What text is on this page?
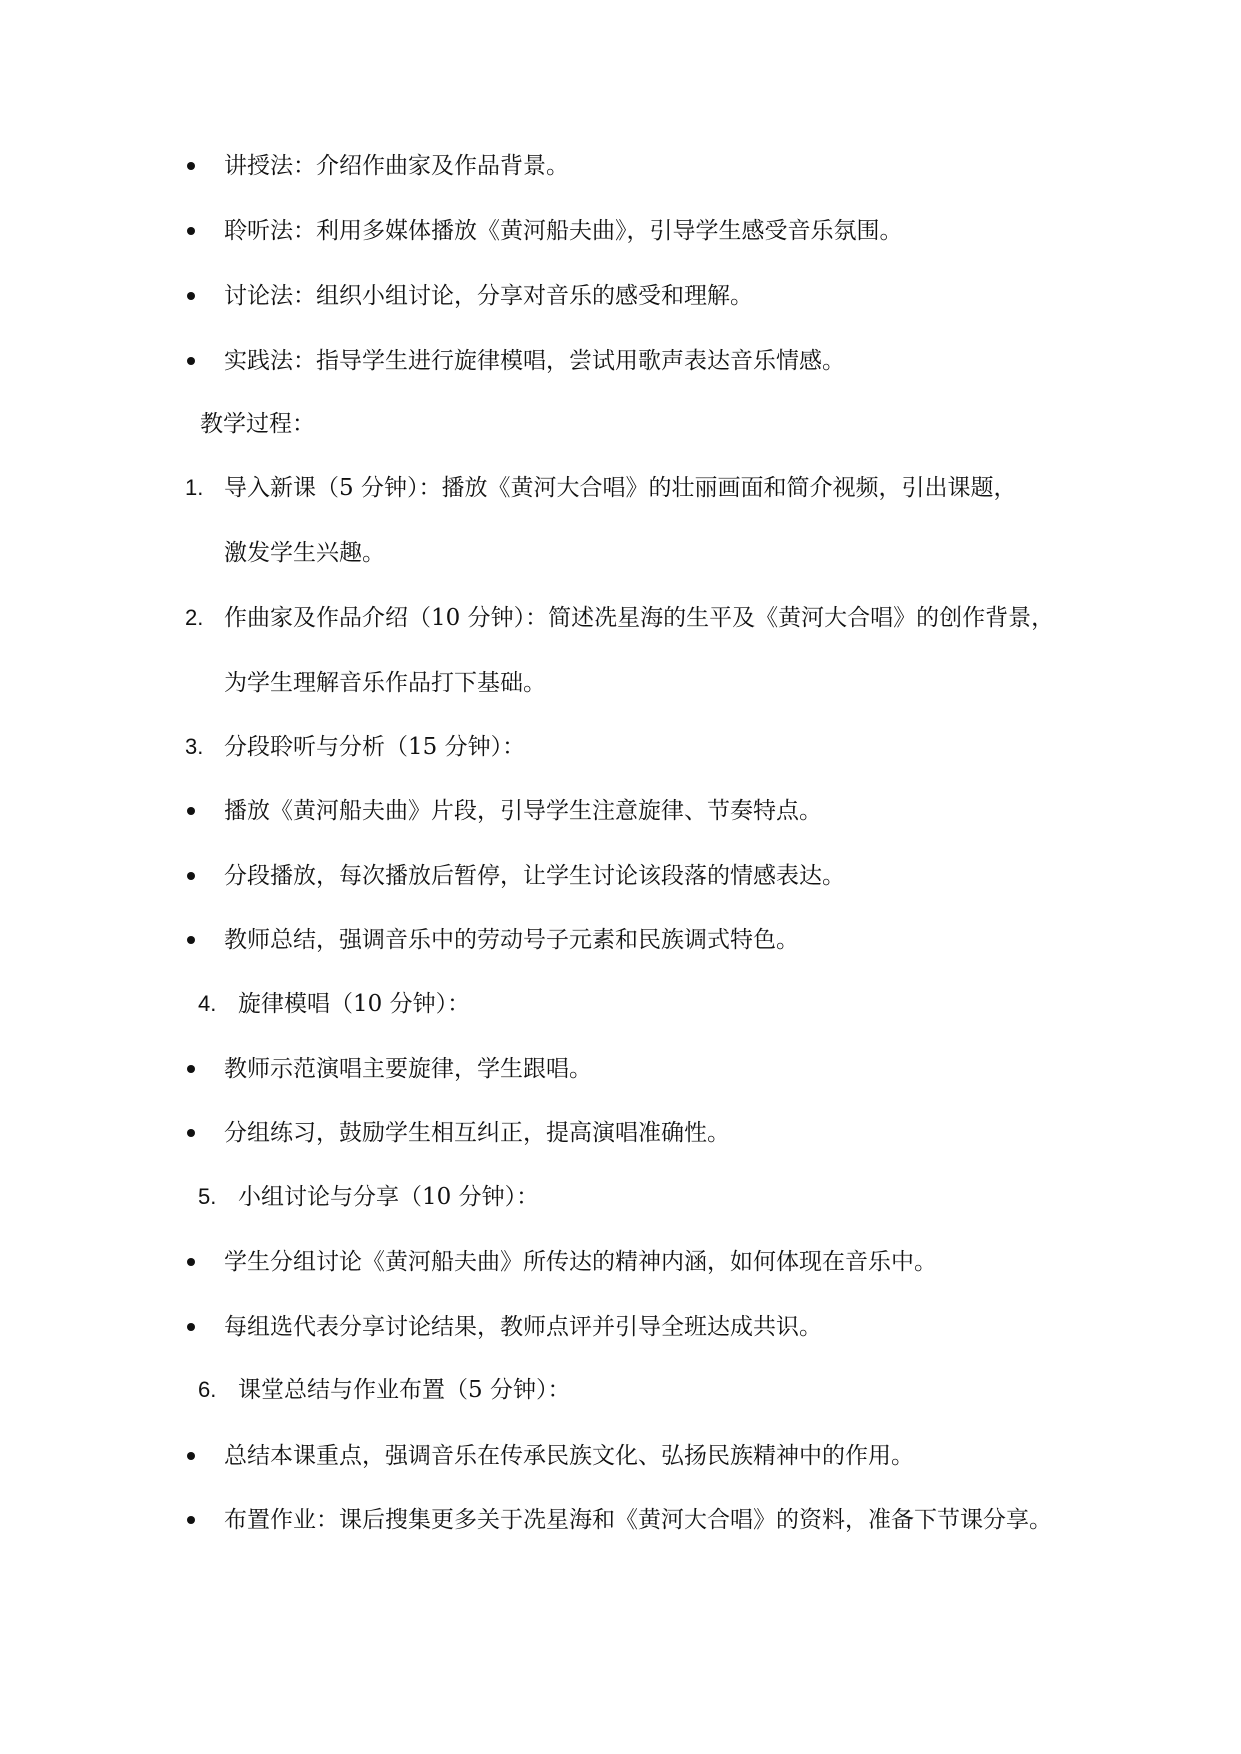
讲授法：介绍作曲家及作品背景。
聆听法：利用多媒体播放《黄河船夫曲》，引导学生感受音乐氛围。
讨论法：组织小组讨论，分享对音乐的感受和理解。
实践法：指导学生进行旋律模唱，尝试用歌声表达音乐情感。
教学过程：
1. 导入新课（5 分钟）：播放《黄河大合唱》的壮丽画面和简介视频，引出课题，
激发学生兴趣。
2. 作曲家及作品介绍（10 分钟）：简述冼星海的生平及《黄河大合唱》的创作背景，
为学生理解音乐作品打下基础。
3. 分段聆听与分析（15 分钟）：
播放《黄河船夫曲》片段，引导学生注意旋律、节奏特点。
分段播放，每次播放后暂停，让学生讨论该段落的情感表达。
教师总结，强调音乐中的劳动号子元素和民族调式特色。
4. 旋律模唱（10 分钟）：
教师示范演唱主要旋律，学生跟唱。
分组练习，鼓励学生相互纠正，提高演唱准确性。
5. 小组讨论与分享（10 分钟）：
学生分组讨论《黄河船夫曲》所传达的精神内涵，如何体现在音乐中。
每组选代表分享讨论结果，教师点评并引导全班达成共识。
6. 课堂总结与作业布置（5 分钟）：
总结本课重点，强调音乐在传承民族文化、弘扬民族精神中的作用。
布置作业：课后搜集更多关于冼星海和《黄河大合唱》的资料，准备下节课分享。
